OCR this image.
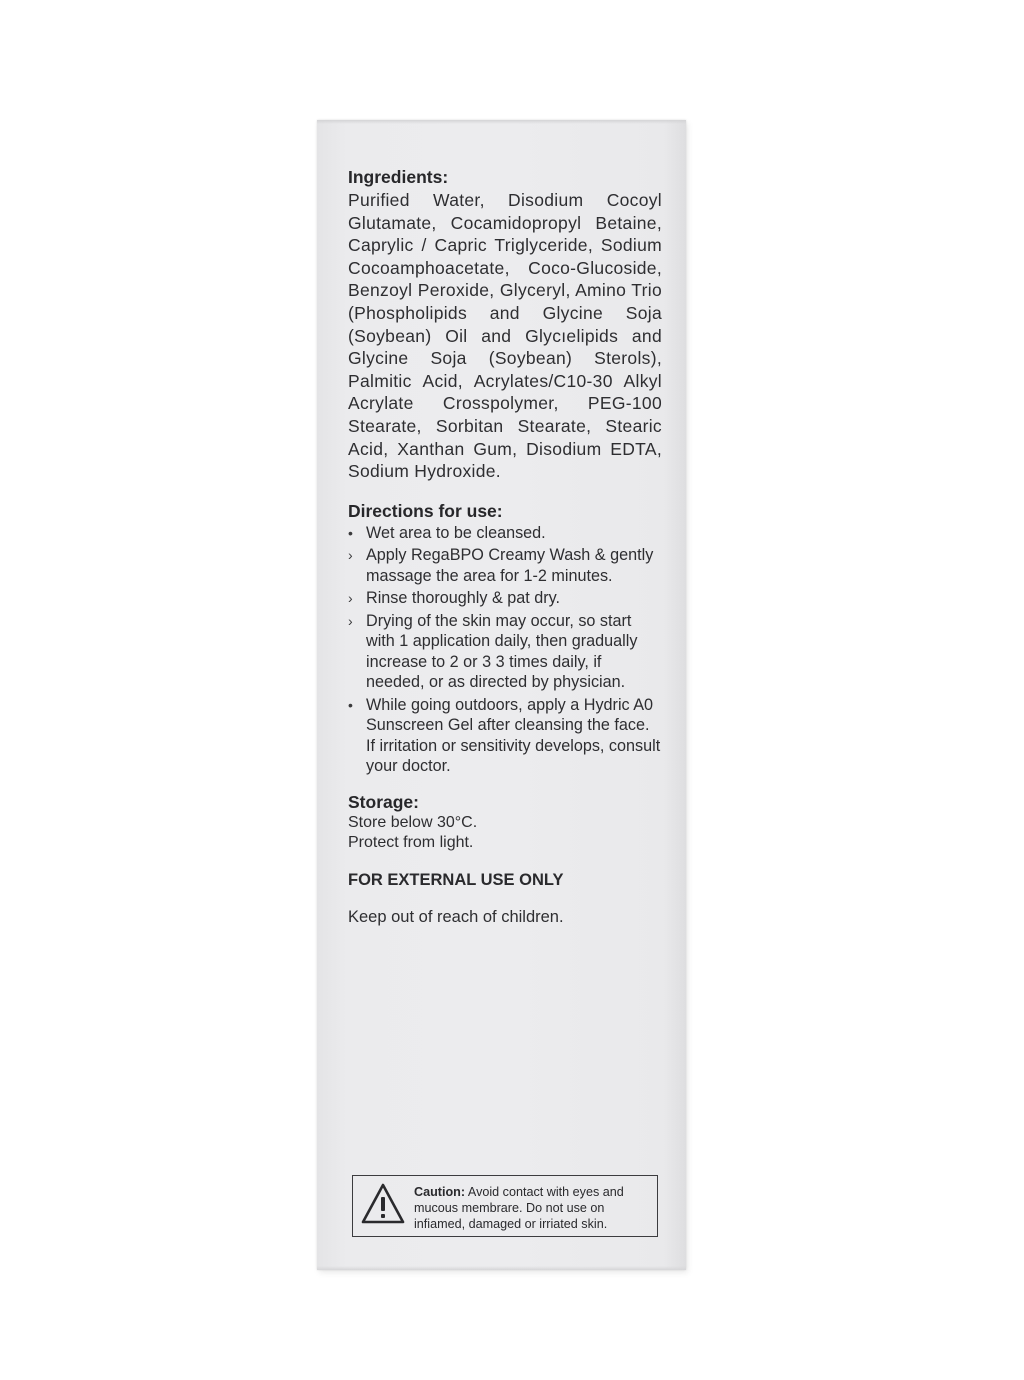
Ingredients:

Purified Water, Disodium Cocoyl Glutamate, Cocamidopropyl Betaine, Caprylic / Capric Triglyceride, Sodium Cocoamphoacetate, Coco-Glucoside, Benzoyl Peroxide, Glyceryl, Amino Trio (Phospholipids and Glycine Soja (Soybean) Oil and Glycıelipids and Glycine Soja (Soybean) Sterols), Palmitic Acid, Acrylates/C10-30 Alkyl Acrylate Crosspolymer, PEG-100 Stearate, Sorbitan Stearate, Stearic Acid, Xanthan Gum, Disodium EDTA, Sodium Hydroxide.

Directions for use:

• Wet area to be cleansed.
› Apply RegaBPO Creamy Wash & gently massage the area for 1-2 minutes.
› Rinse thoroughly & pat dry.
› Drying of the skin may occur, so start with 1 application daily, then gradually increase to 2 or 3 3 times daily, if needed, or as directed by physician.
• While going outdoors, apply a Hydric A0 Sunscreen Gel after cleansing the face. If irritation or sensitivity develops, consult your doctor.

Storage:

Store below 30°C.
Protect from light.
FOR EXTERNAL USE ONLY
Keep out of reach of children.
Caution: Avoid contact with eyes and mucous membrare. Do not use on infiamed, damaged or irriated skin.
